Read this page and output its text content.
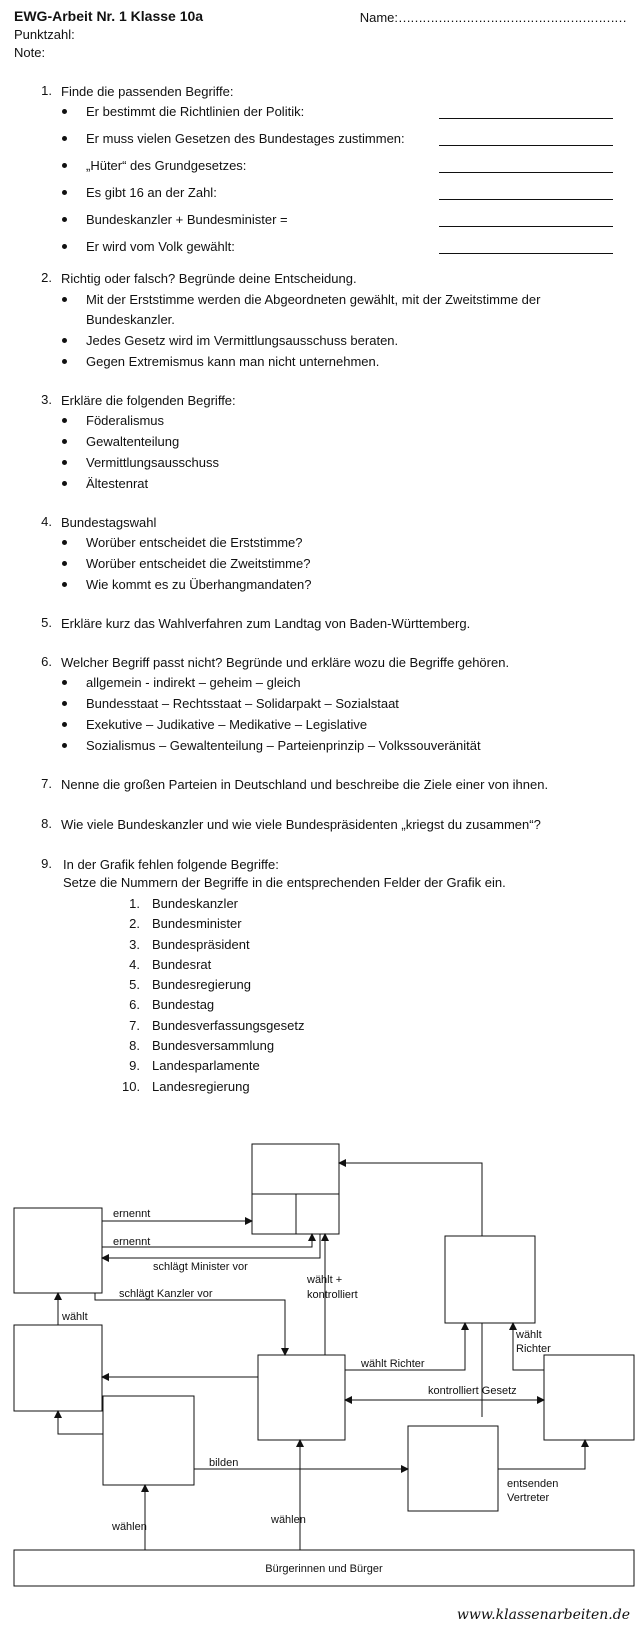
EWG-Arbeit Nr. 1 Klasse 10a	Name:…………………………………………………
Punktzahl:
Note:
1. Finde die passenden Begriffe:
Er bestimmt die Richtlinien der Politik:
Er muss vielen Gesetzen des Bundestages zustimmen:
„Hüter“ des Grundgesetzes:
Es gibt 16 an der Zahl:
Bundeskanzler + Bundesminister =
Er wird vom Volk gewählt:
2. Richtig oder falsch? Begründe deine Entscheidung.
Mit der Erststimme werden die Abgeordneten gewählt, mit der Zweitstimme der
Bundeskanzler.
Jedes Gesetz wird im Vermittlungsausschuss beraten.
Gegen Extremismus kann man nicht unternehmen.
3. Erkläre die folgenden Begriffe:
Föderalismus
Gewaltenteilung
Vermittlungsausschuss
Ältestenrat
4. Bundestagswahl
Worüber entscheidet die Erststimme?
Worüber entscheidet die Zweitstimme?
Wie kommt es zu Überhangmandaten?
5. Erkläre kurz das Wahlverfahren zum Landtag von Baden-Württemberg.
6. Welcher Begriff passt nicht? Begründe und erkläre wozu die Begriffe gehören.
allgemein - indirekt – geheim – gleich
Bundesstaat – Rechtsstaat – Solidarpakt – Sozialstaat
Exekutive – Judikative – Medikative – Legislative
Sozialismus – Gewaltenteilung – Parteienprinzip – Volkssouveränität
7. Nenne die großen Parteien in Deutschland und beschreibe die Ziele einer von ihnen.
8. Wie viele Bundeskanzler und wie viele Bundespräsidenten „kriegst du zusammen“?
9. In der Grafik fehlen folgende Begriffe:
Setze die Nummern der Begriffe in die entsprechenden Felder der Grafik ein.
1. Bundeskanzler
2. Bundesminister
3. Bundespräsident
4. Bundesrat
5. Bundesregierung
6. Bundestag
7. Bundesverfassungsgesetz
8. Bundesversammlung
9. Landesparlamente
10. Landesregierung
ernennt
ernennt
schlägt Minister vor
schlägt Kanzler vor
wählt
wählt +
kontrolliert
wählt Richter
wählt
Richter
kontrolliert Gesetz
bilden
entsenden
Vertreter
wählen
wählen
Bürgerinnen und Bürger
www.klassenarbeiten.de
